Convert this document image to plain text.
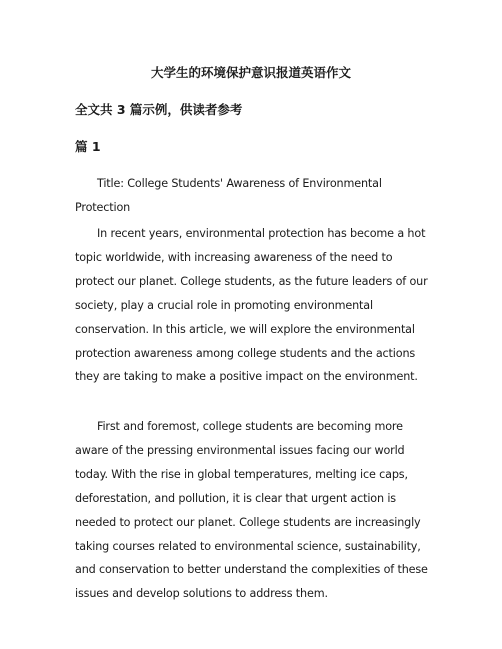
大学生的环境保护意识报道英语作文
全文共 3 篇示例，供读者参考
篇 1

Title: College Students' Awareness of Environmental
Protection

In recent years, environmental protection has become a hot
topic worldwide, with increasing awareness of the need to
protect our planet. College students, as the future leaders of our
society, play a crucial role in promoting environmental
conservation. In this article, we will explore the environmental
protection awareness among college students and the actions
they are taking to make a positive impact on the environment.

First and foremost, college students are becoming more
aware of the pressing environmental issues facing our world
today. With the rise in global temperatures, melting ice caps,
deforestation, and pollution, it is clear that urgent action is
needed to protect our planet. College students are increasingly
taking courses related to environmental science, sustainability,
and conservation to better understand the complexities of these
issues and develop solutions to address them.
